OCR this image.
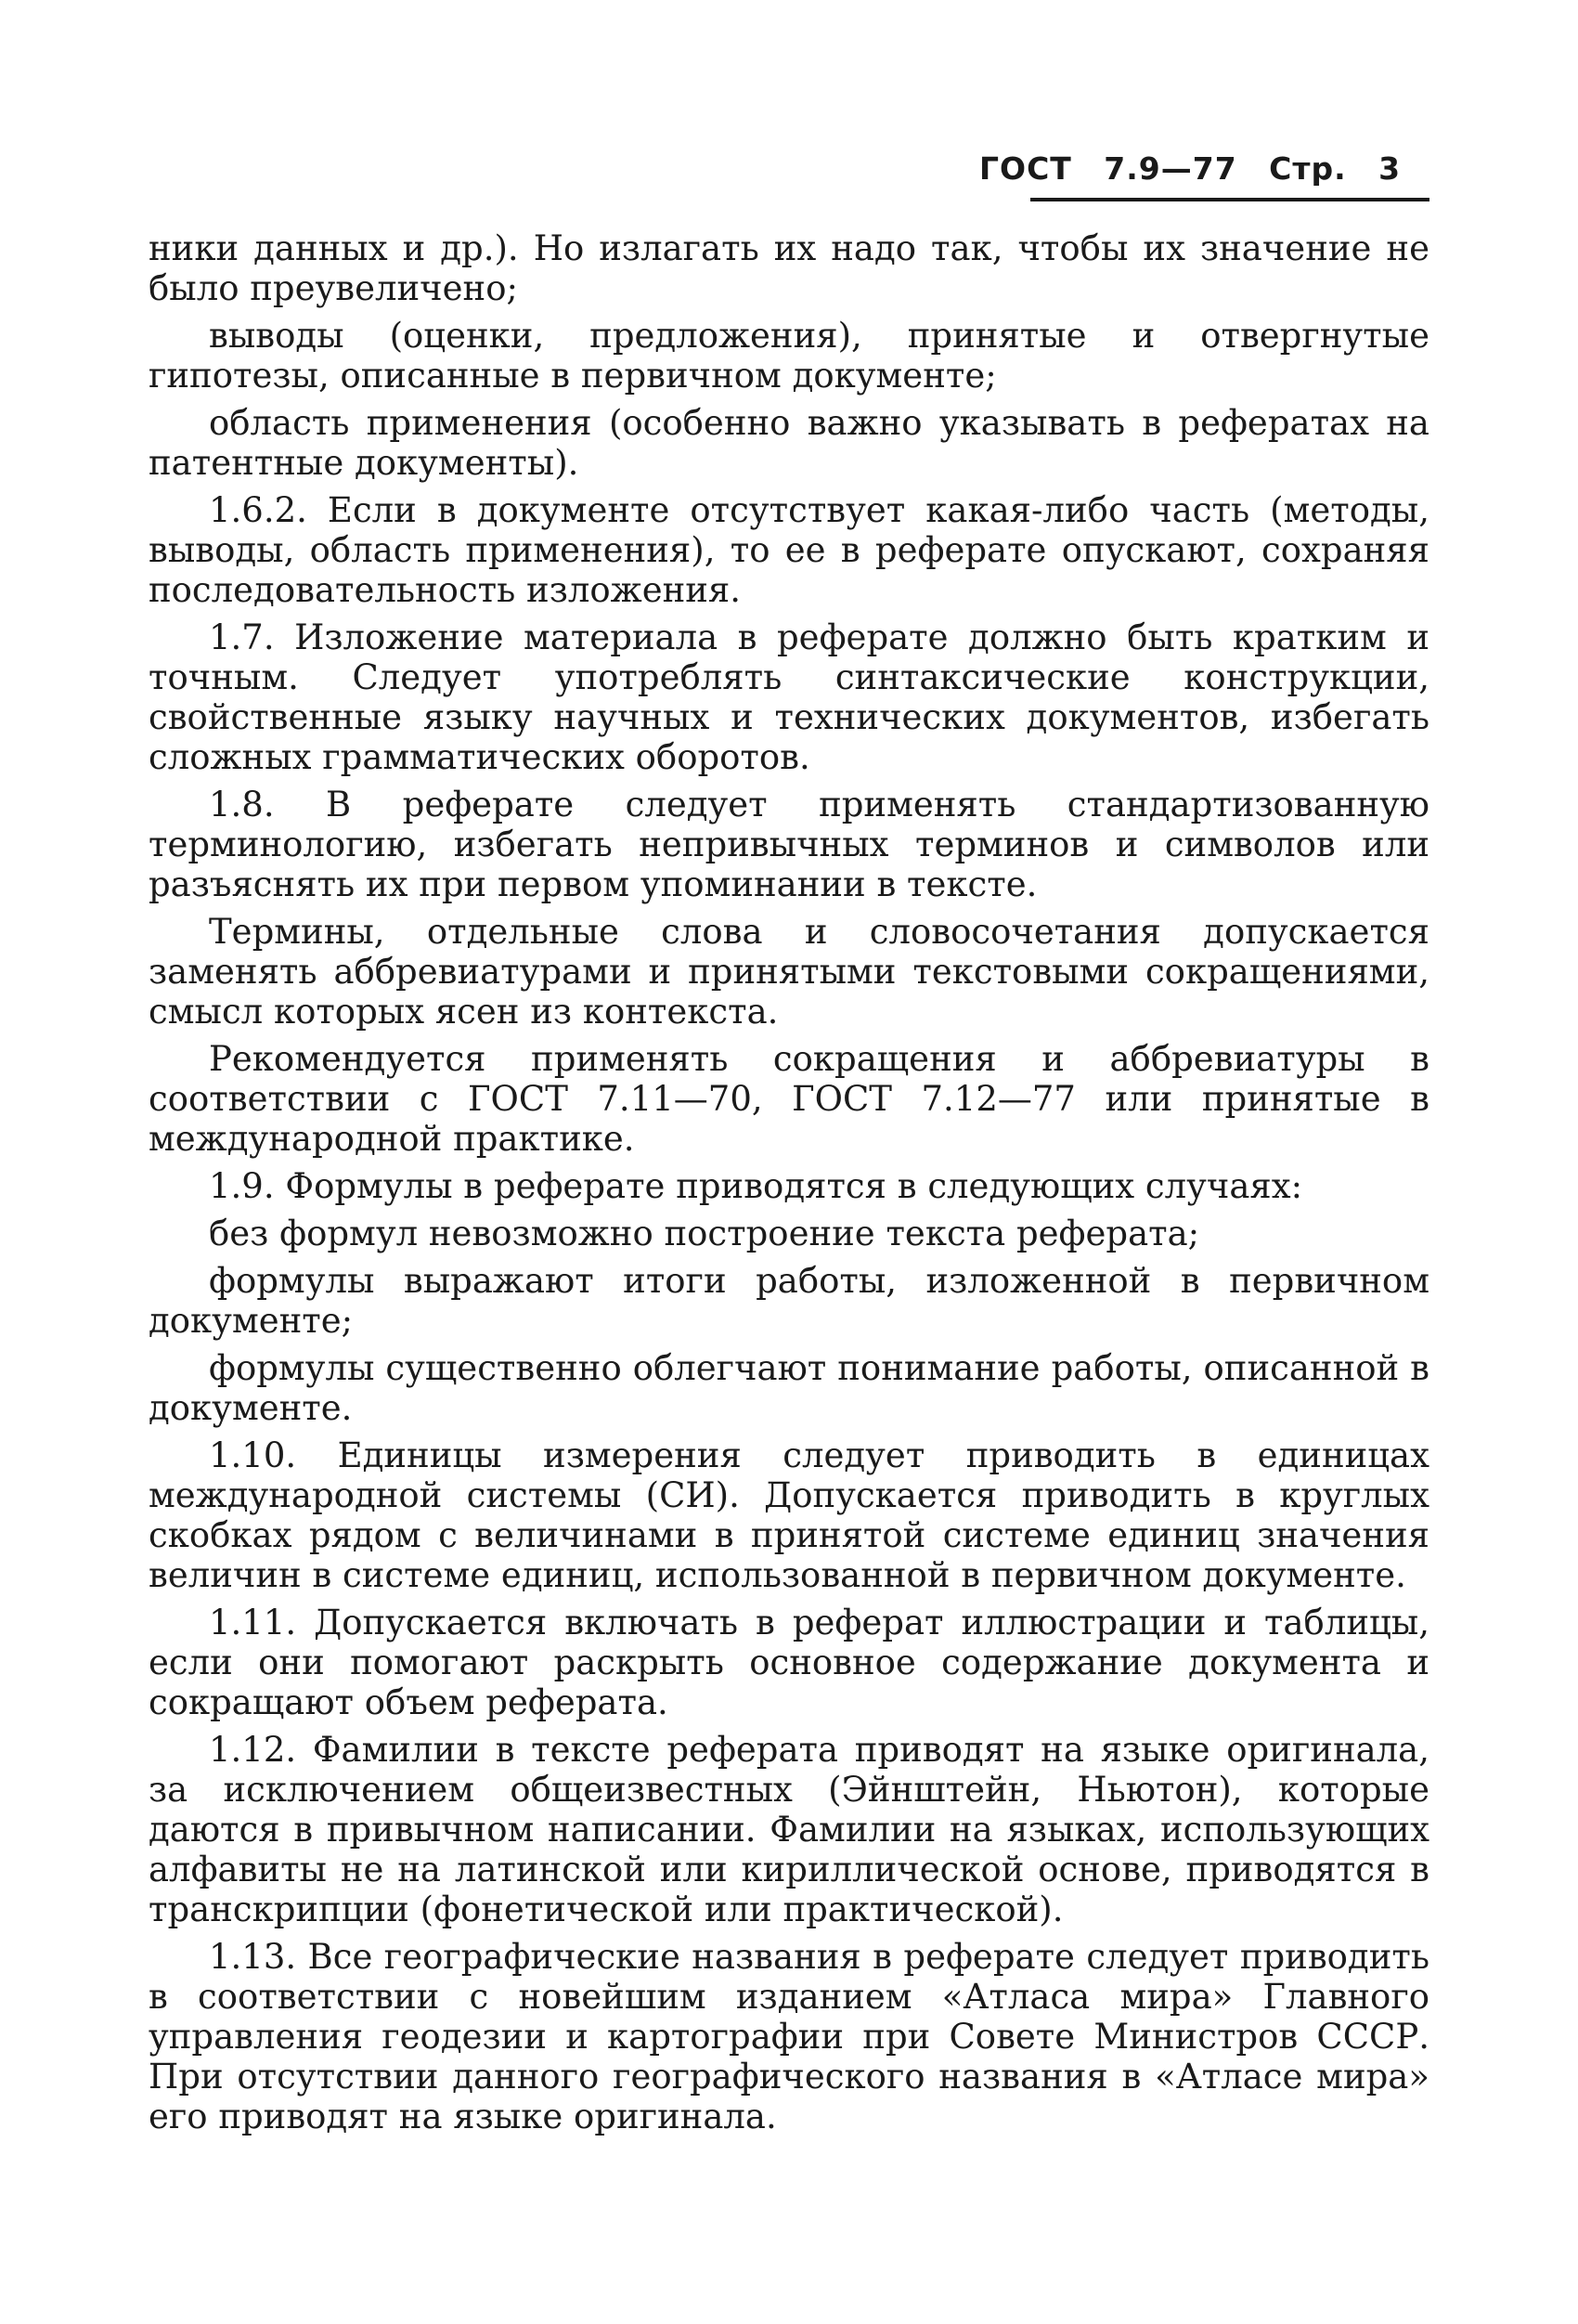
ГОСТ 7.9—77 Стр. 3

ники данных и др.). Но излагать их надо так, чтобы их значение не было преувеличено;

выводы (оценки, предложения), принятые и отвергнутые гипотезы, описанные в первичном документе;

область применения (особенно важно указывать в рефератах на патентные документы).

1.6.2. Если в документе отсутствует какая-либо часть (методы, выводы, область применения), то ее в реферате опускают, сохраняя последовательность изложения.

1.7. Изложение материала в реферате должно быть кратким и точным. Следует употреблять синтаксические конструкции, свойственные языку научных и технических документов, избегать сложных грамматических оборотов.

1.8. В реферате следует применять стандартизованную терминологию, избегать непривычных терминов и символов или разъяснять их при первом упоминании в тексте.

Термины, отдельные слова и словосочетания допускается заменять аббревиатурами и принятыми текстовыми сокращениями, смысл которых ясен из контекста.

Рекомендуется применять сокращения и аббревиатуры в соответствии с ГОСТ 7.11—70, ГОСТ 7.12—77 или принятые в международной практике.

1.9. Формулы в реферате приводятся в следующих случаях:

без формул невозможно построение текста реферата;

формулы выражают итоги работы, изложенной в первичном документе;

формулы существенно облегчают понимание работы, описанной в документе.

1.10. Единицы измерения следует приводить в единицах международной системы (СИ). Допускается приводить в круглых скобках рядом с величинами в принятой системе единиц значения величин в системе единиц, использованной в первичном документе.

1.11. Допускается включать в реферат иллюстрации и таблицы, если они помогают раскрыть основное содержание документа и сокращают объем реферата.

1.12. Фамилии в тексте реферата приводят на языке оригинала, за исключением общеизвестных (Эйнштейн, Ньютон), которые даются в привычном написании. Фамилии на языках, использующих алфавиты не на латинской или кириллической основе, приводятся в транскрипции (фонетической или практической).

1.13. Все географические названия в реферате следует приводить в соответствии с новейшим изданием «Атласа мира» Главного управления геодезии и картографии при Совете Министров СССР. При отсутствии данного географического названия в «Атласе мира» его приводят на языке оригинала.
